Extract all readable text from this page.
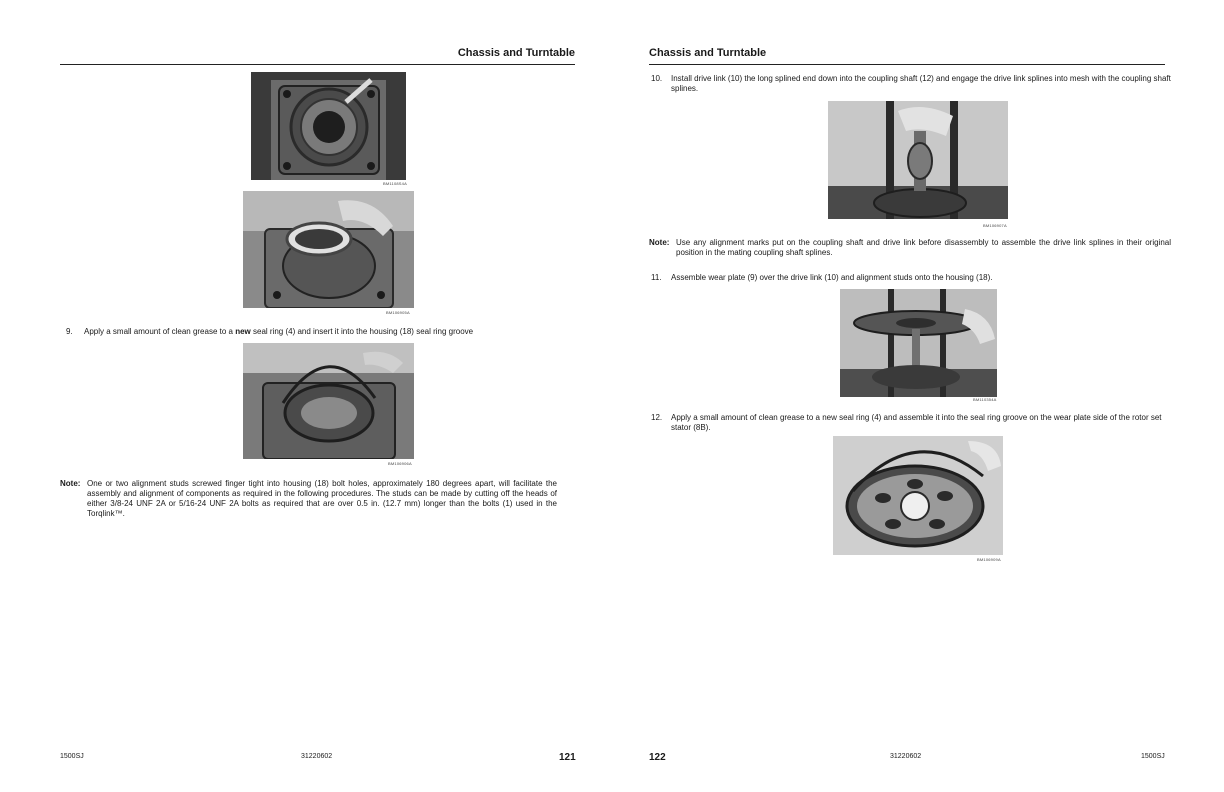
Chassis and Turntable
BM1108S4A
BM106905A
9. Apply a small amount of clean grease to a new seal ring (4) and insert it into the housing (18) seal ring groove
BM106906A
Note: One or two alignment studs screwed finger tight into housing (18) bolt holes, approximately 180 degrees apart, will facilitate the assembly and alignment of components as required in the following procedures. The studs can be made by cutting off the heads of either 3/8-24 UNF 2A or 5/16-24 UNF 2A bolts as required that are over 0.5 in. (12.7 mm) longer than the bolts (1) used in the Torqlink™.
1500SJ	31220602	121
Chassis and Turntable
10. Install drive link (10) the long splined end down into the coupling shaft (12) and engage the drive link splines into mesh with the coupling shaft splines.
BM106907A
Note: Use any alignment marks put on the coupling shaft and drive link before disassembly to assemble the drive link splines in their original position in the mating coupling shaft splines.
11. Assemble wear plate (9) over the drive link (10) and alignment studs onto the housing (18).
BM110354A
12. Apply a small amount of clean grease to a new seal ring (4) and assemble it into the seal ring groove on the wear plate side of the rotor set stator (8B).
BM106909A
122	31220602	1500SJ
